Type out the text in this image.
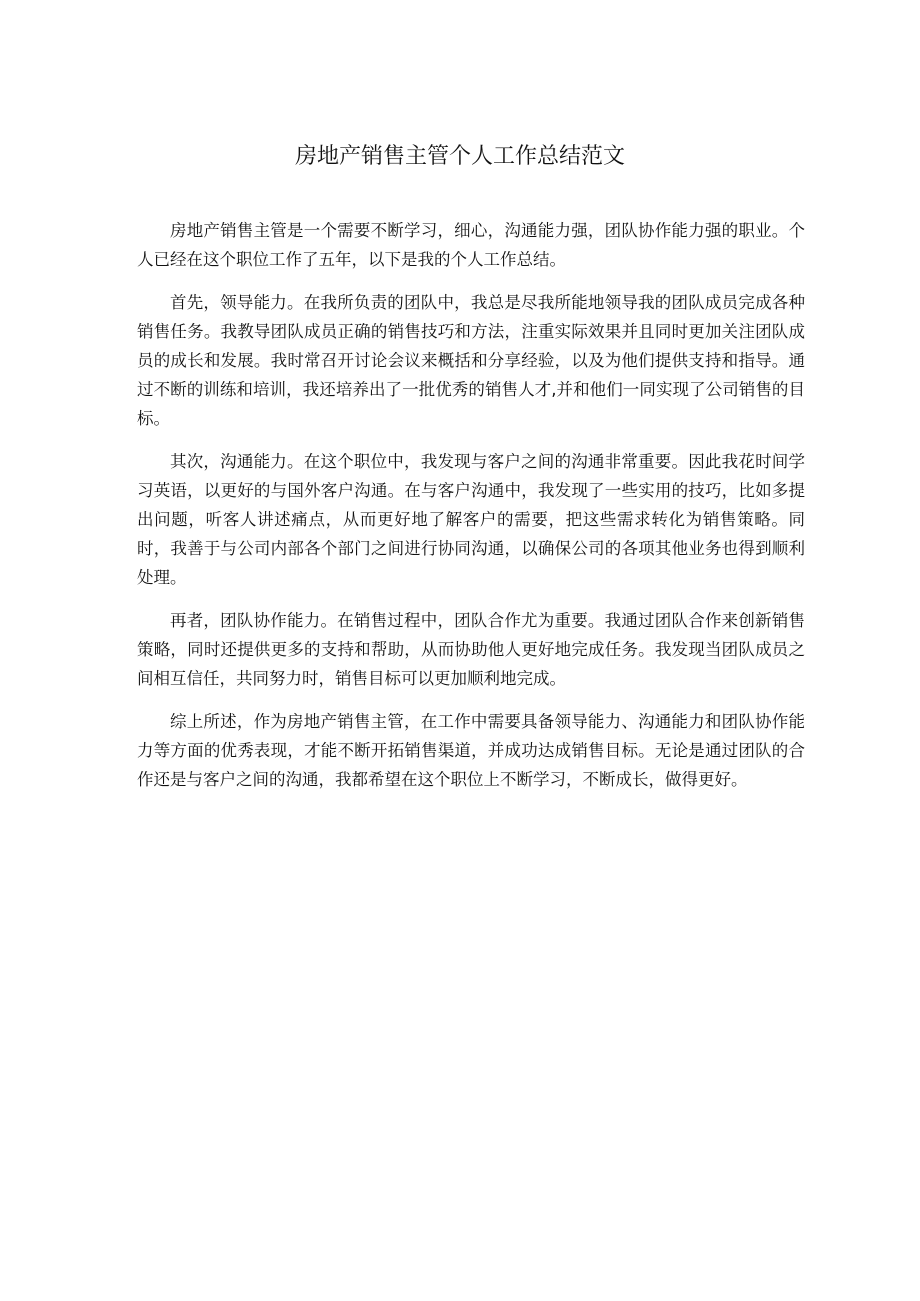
房地产销售主管个人工作总结范文

房地产销售主管是一个需要不断学习，细心，沟通能力强，团队协作能力强的职业。个人已经在这个职位工作了五年，以下是我的个人工作总结。

首先，领导能力。在我所负责的团队中，我总是尽我所能地领导我的团队成员完成各种销售任务。我教导团队成员正确的销售技巧和方法，注重实际效果并且同时更加关注团队成员的成长和发展。我时常召开讨论会议来概括和分享经验，以及为他们提供支持和指导。通过不断的训练和培训，我还培养出了一批优秀的销售人才,并和他们一同实现了公司销售的目标。

其次，沟通能力。在这个职位中，我发现与客户之间的沟通非常重要。因此我花时间学习英语，以更好的与国外客户沟通。在与客户沟通中，我发现了一些实用的技巧，比如多提出问题，听客人讲述痛点，从而更好地了解客户的需要，把这些需求转化为销售策略。同时，我善于与公司内部各个部门之间进行协同沟通，以确保公司的各项其他业务也得到顺利处理。

再者，团队协作能力。在销售过程中，团队合作尤为重要。我通过团队合作来创新销售策略，同时还提供更多的支持和帮助，从而协助他人更好地完成任务。我发现当团队成员之间相互信任，共同努力时，销售目标可以更加顺利地完成。

综上所述，作为房地产销售主管，在工作中需要具备领导能力、沟通能力和团队协作能力等方面的优秀表现，才能不断开拓销售渠道，并成功达成销售目标。无论是通过团队的合作还是与客户之间的沟通，我都希望在这个职位上不断学习，不断成长，做得更好。
